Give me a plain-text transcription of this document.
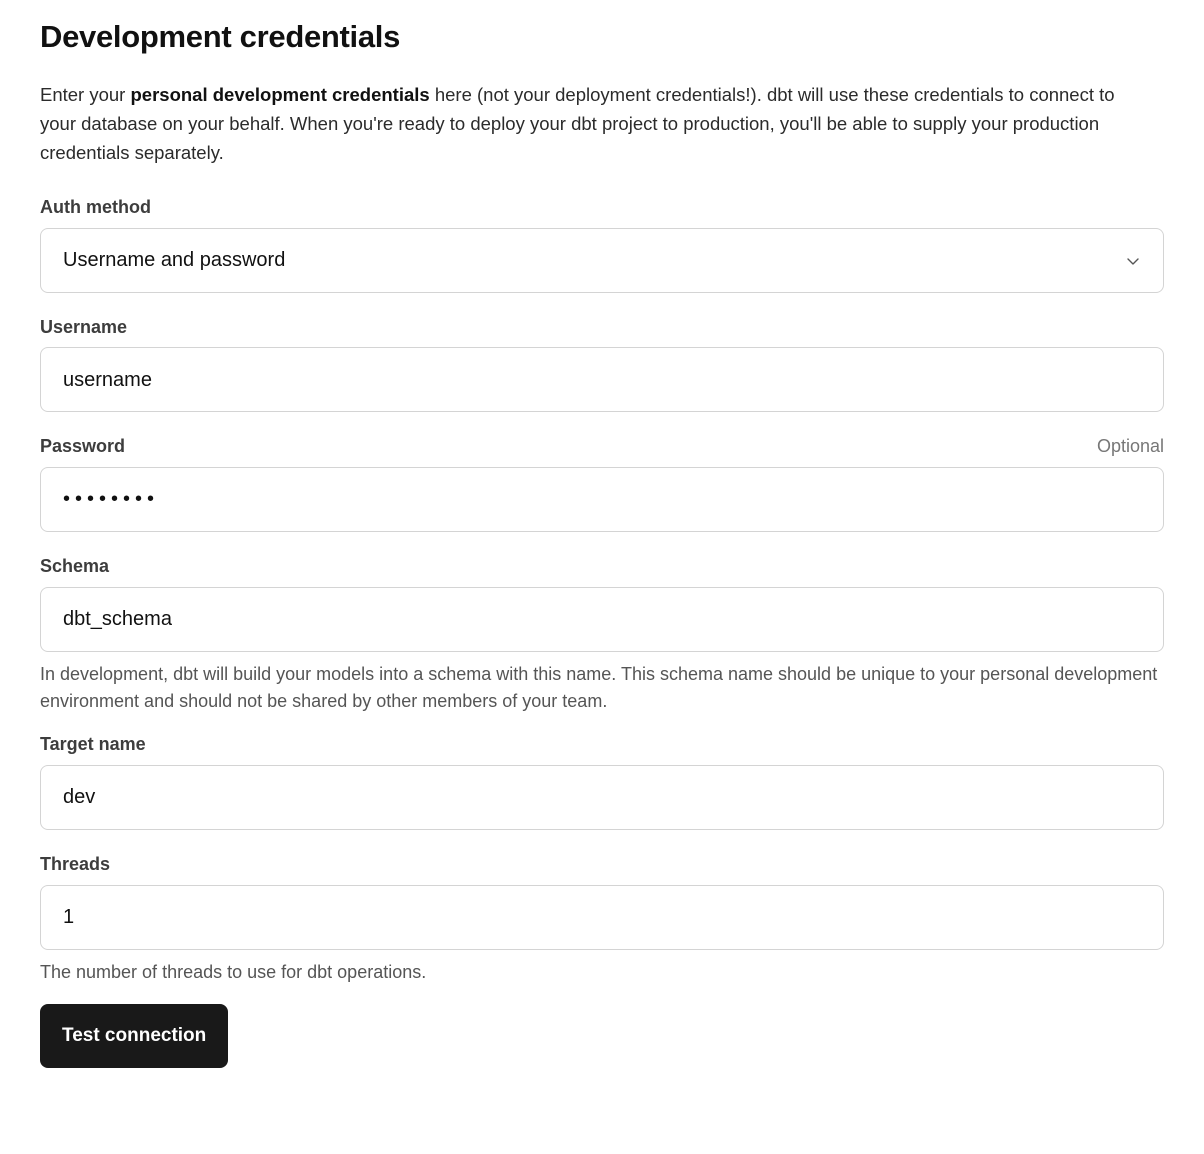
Development credentials

Enter your personal development credentials here (not your deployment credentials!). dbt will use these credentials to connect to your database on your behalf. When you're ready to deploy your dbt project to production, you'll be able to supply your production credentials separately.

Auth method
Username and password
Username
username
Password	Optional
••••••••
Schema
dbt_schema
In development, dbt will build your models into a schema with this name. This schema name should be unique to your personal development environment and should not be shared by other members of your team.
Target name
dev
Threads
1
The number of threads to use for dbt operations.
Test connection
